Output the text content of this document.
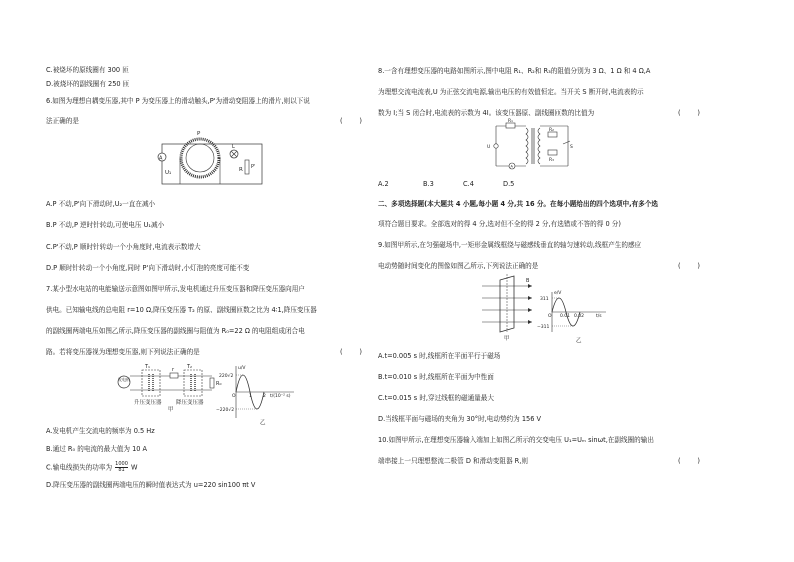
C.被烧坏的原线圈有 300 匝
D.被烧坏的副线圈有 250 匝
6.如图为理想自耦变压器,其中 P 为变压器上的滑动触头,P'为滑动变阻器上的滑片,则以下说
法正确的是	(        )
A
U₁
P
R P'
L
A.P 不动,P'向下滑动时,U₂一直在减小
B.P 不动,P 逆时针转动,可使电压 U₁减小
C.P'不动,P 顺时针转动一个小角度时,电流表示数增大
D.P 顺时针转动一个小角度,同时 P'向下滑动时,小灯泡的亮度可能不变
7.某小型水电站的电能输送示意图如图甲所示,发电机通过升压变压器和降压变压器向用户
供电。已知输电线的总电阻 r=10 Ω,降压变压器 T₂ 的原、副线圈匝数之比为 4∶1,降压变压器
的副线圈两端电压如图乙所示,降压变压器的副线圈与阻值为 R₀=22 Ω 的电阻组成闭合电
路。若将变压器视为理想变压器,则下列说法正确的是	(        )
发电机
r
T₁	T₂
R₀
升压变压器	降压变压器
甲
u/V
220√2
−220√2
O	1 2 t/(10⁻² s)
乙
A.发电机产生交流电的频率为 0.5 Hz
B.通过 R₀ 的电流的最大值为 10 A
C.输电线损失的功率为 $\frac{1000}{81}$ W
D.降压变压器的副线圈两端电压的瞬时值表达式为 u=220 sin100 πt V
8.一含有理想变压器的电路如图所示,图中电阻 R₁、R₂和 R₃的阻值分别为 3 Ω、1 Ω 和 4 Ω,A
为理想交流电流表,U 为正弦交流电源,输出电压的有效值恒定。当开关 S 断开时,电流表的示
数为 I;当 S 闭合时,电流表的示数为 4I。该变压器原、副线圈匝数的比值为	(        )
R₁
U
A
R₂
R₃
S
A.2	B.3	C.4	D.5
二、多项选择题(本大题共 4 小题,每小题 4 分,共 16 分。在每小题给出的四个选项中,有多个选
项符合题目要求。全部选对的得 4 分,选对但不全的得 2 分,有选错或不答的得 0 分)
9.如图甲所示,在匀强磁场中,一矩形金属线框绕与磁感线垂直的轴匀速转动,线框产生的感应
电动势随时间变化的图像如图乙所示,下列说法正确的是	(        )
B
甲
e/V
311
−311
O 0.01 0.02	t/s
乙
A.t=0.005 s 时,线框所在平面平行于磁场
B.t=0.010 s 时,线框所在平面为中性面
C.t=0.015 s 时,穿过线框的磁通量最大
D.当线框平面与磁场的夹角为 30°时,电动势约为 156 V
10.如图甲所示,在理想变压器输入端加上如图乙所示的交变电压 U₁=Uₘ sinωt,在副线圈的输出
端串接上一只理想整流二极管 D 和滑动变阻器 R,则	(        )
